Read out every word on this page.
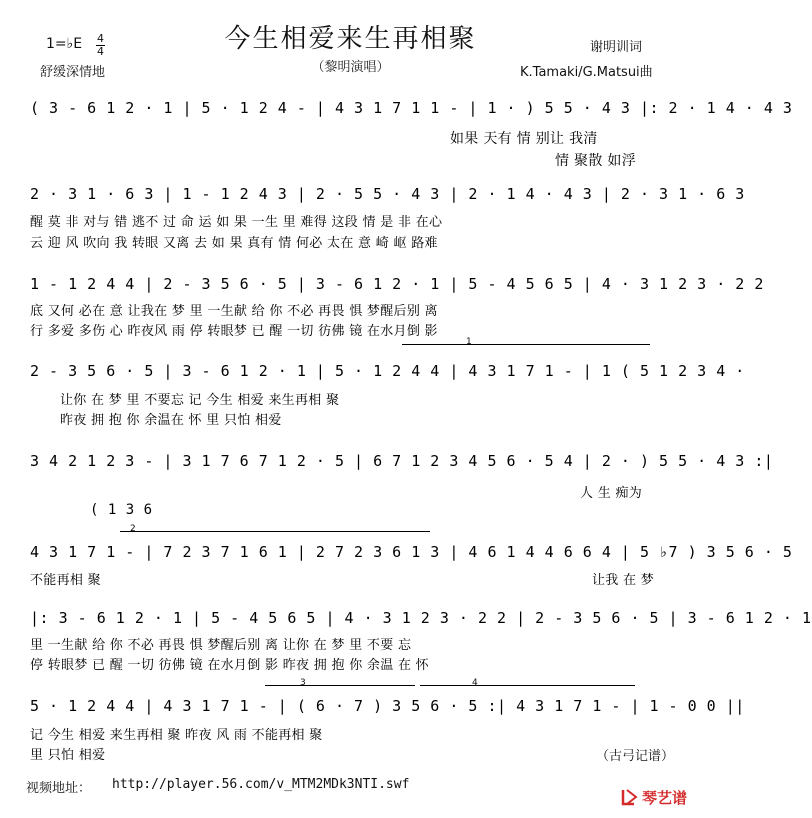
今生相爱来生再相聚
（黎明演唱）
1=♭E 4
4
舒缓深情地
谢明训词
K.Tamaki/G.Matsui曲
( 3 - 6 1 2 · 1 | 5 · 1 2 4 - | 4 3 1 7 1 1 - | 1 · ) 5 5 · 4 3 |: 2 · 1 4 · 4 3
如果 天有 情 别让 我清
情 聚散 如浮
2 · 3 1 · 6 3 | 1 - 1 2 4 3 | 2 · 5 5 · 4 3 | 2 · 1 4 · 4 3 | 2 · 3 1 · 6 3
醒 莫 非 对与 错 逃不 过 命 运 如 果 一生 里 难得 这段 情 是 非 在心
云 迎 风 吹向 我 转眼 又离 去 如 果 真有 情 何必 太在 意 崎 岖 路难
1 - 1 2 4 4 | 2 - 3 5 6 · 5 | 3 - 6 1 2 · 1 | 5 - 4 5 6 5 | 4 · 3 1 2 3 · 2 2
底 又何 必在 意 让我在 梦 里 一生献 给 你 不必 再畏 惧 梦醒后别 离
行 多爱 多伤 心 昨夜风 雨 停 转眼梦 已 醒 一切 彷佛 镜 在水月倒 影
1
2 - 3 5 6 · 5 | 3 - 6 1 2 · 1 | 5 · 1 2 4 4 | 4 3 1 7 1 - | 1 ( 5 1 2 3 4 ·
让你 在 梦 里 不要忘 记 今生 相爱 来生再相 聚
昨夜 拥 抱 你 余温在 怀 里 只怕 相爱
3 4 2 1 2 3 - | 3 1 7 6 7 1 2 · 5 | 6 7 1 2 3 4 5 6 · 5 4 | 2 · ) 5 5 · 4 3 :|
人 生 痴为
( 1 3 6
2
4 3 1 7 1 - | 7 2 3 7 1 6 1 | 2 7 2 3 6 1 3 | 4 6 1 4 4 6 6 4 | 5 ♭7 ) 3 5 6 · 5
不能再相 聚	让我 在 梦
|: 3 - 6 1 2 · 1 | 5 - 4 5 6 5 | 4 · 3 1 2 3 · 2 2 | 2 - 3 5 6 · 5 | 3 - 6 1 2 · 1
里 一生献 给 你 不必 再畏 惧 梦醒后别 离 让你 在 梦 里 不要 忘
停 转眼梦 已 醒 一切 彷佛 镜 在水月倒 影 昨夜 拥 抱 你 余温 在 怀
3	4
5 · 1 2 4 4 | 4 3 1 7 1 - | ( 6 · 7 ) 3 5 6 · 5 :| 4 3 1 7 1 - | 1 - 0 0 ||
记 今生 相爱 来生再相 聚 昨夜 风 雨 不能再相 聚
里 只怕 相爱	（古弓记谱）
视频地址： http://player.56.com/v_MTM2MDk3NTI.swf
琴艺谱
